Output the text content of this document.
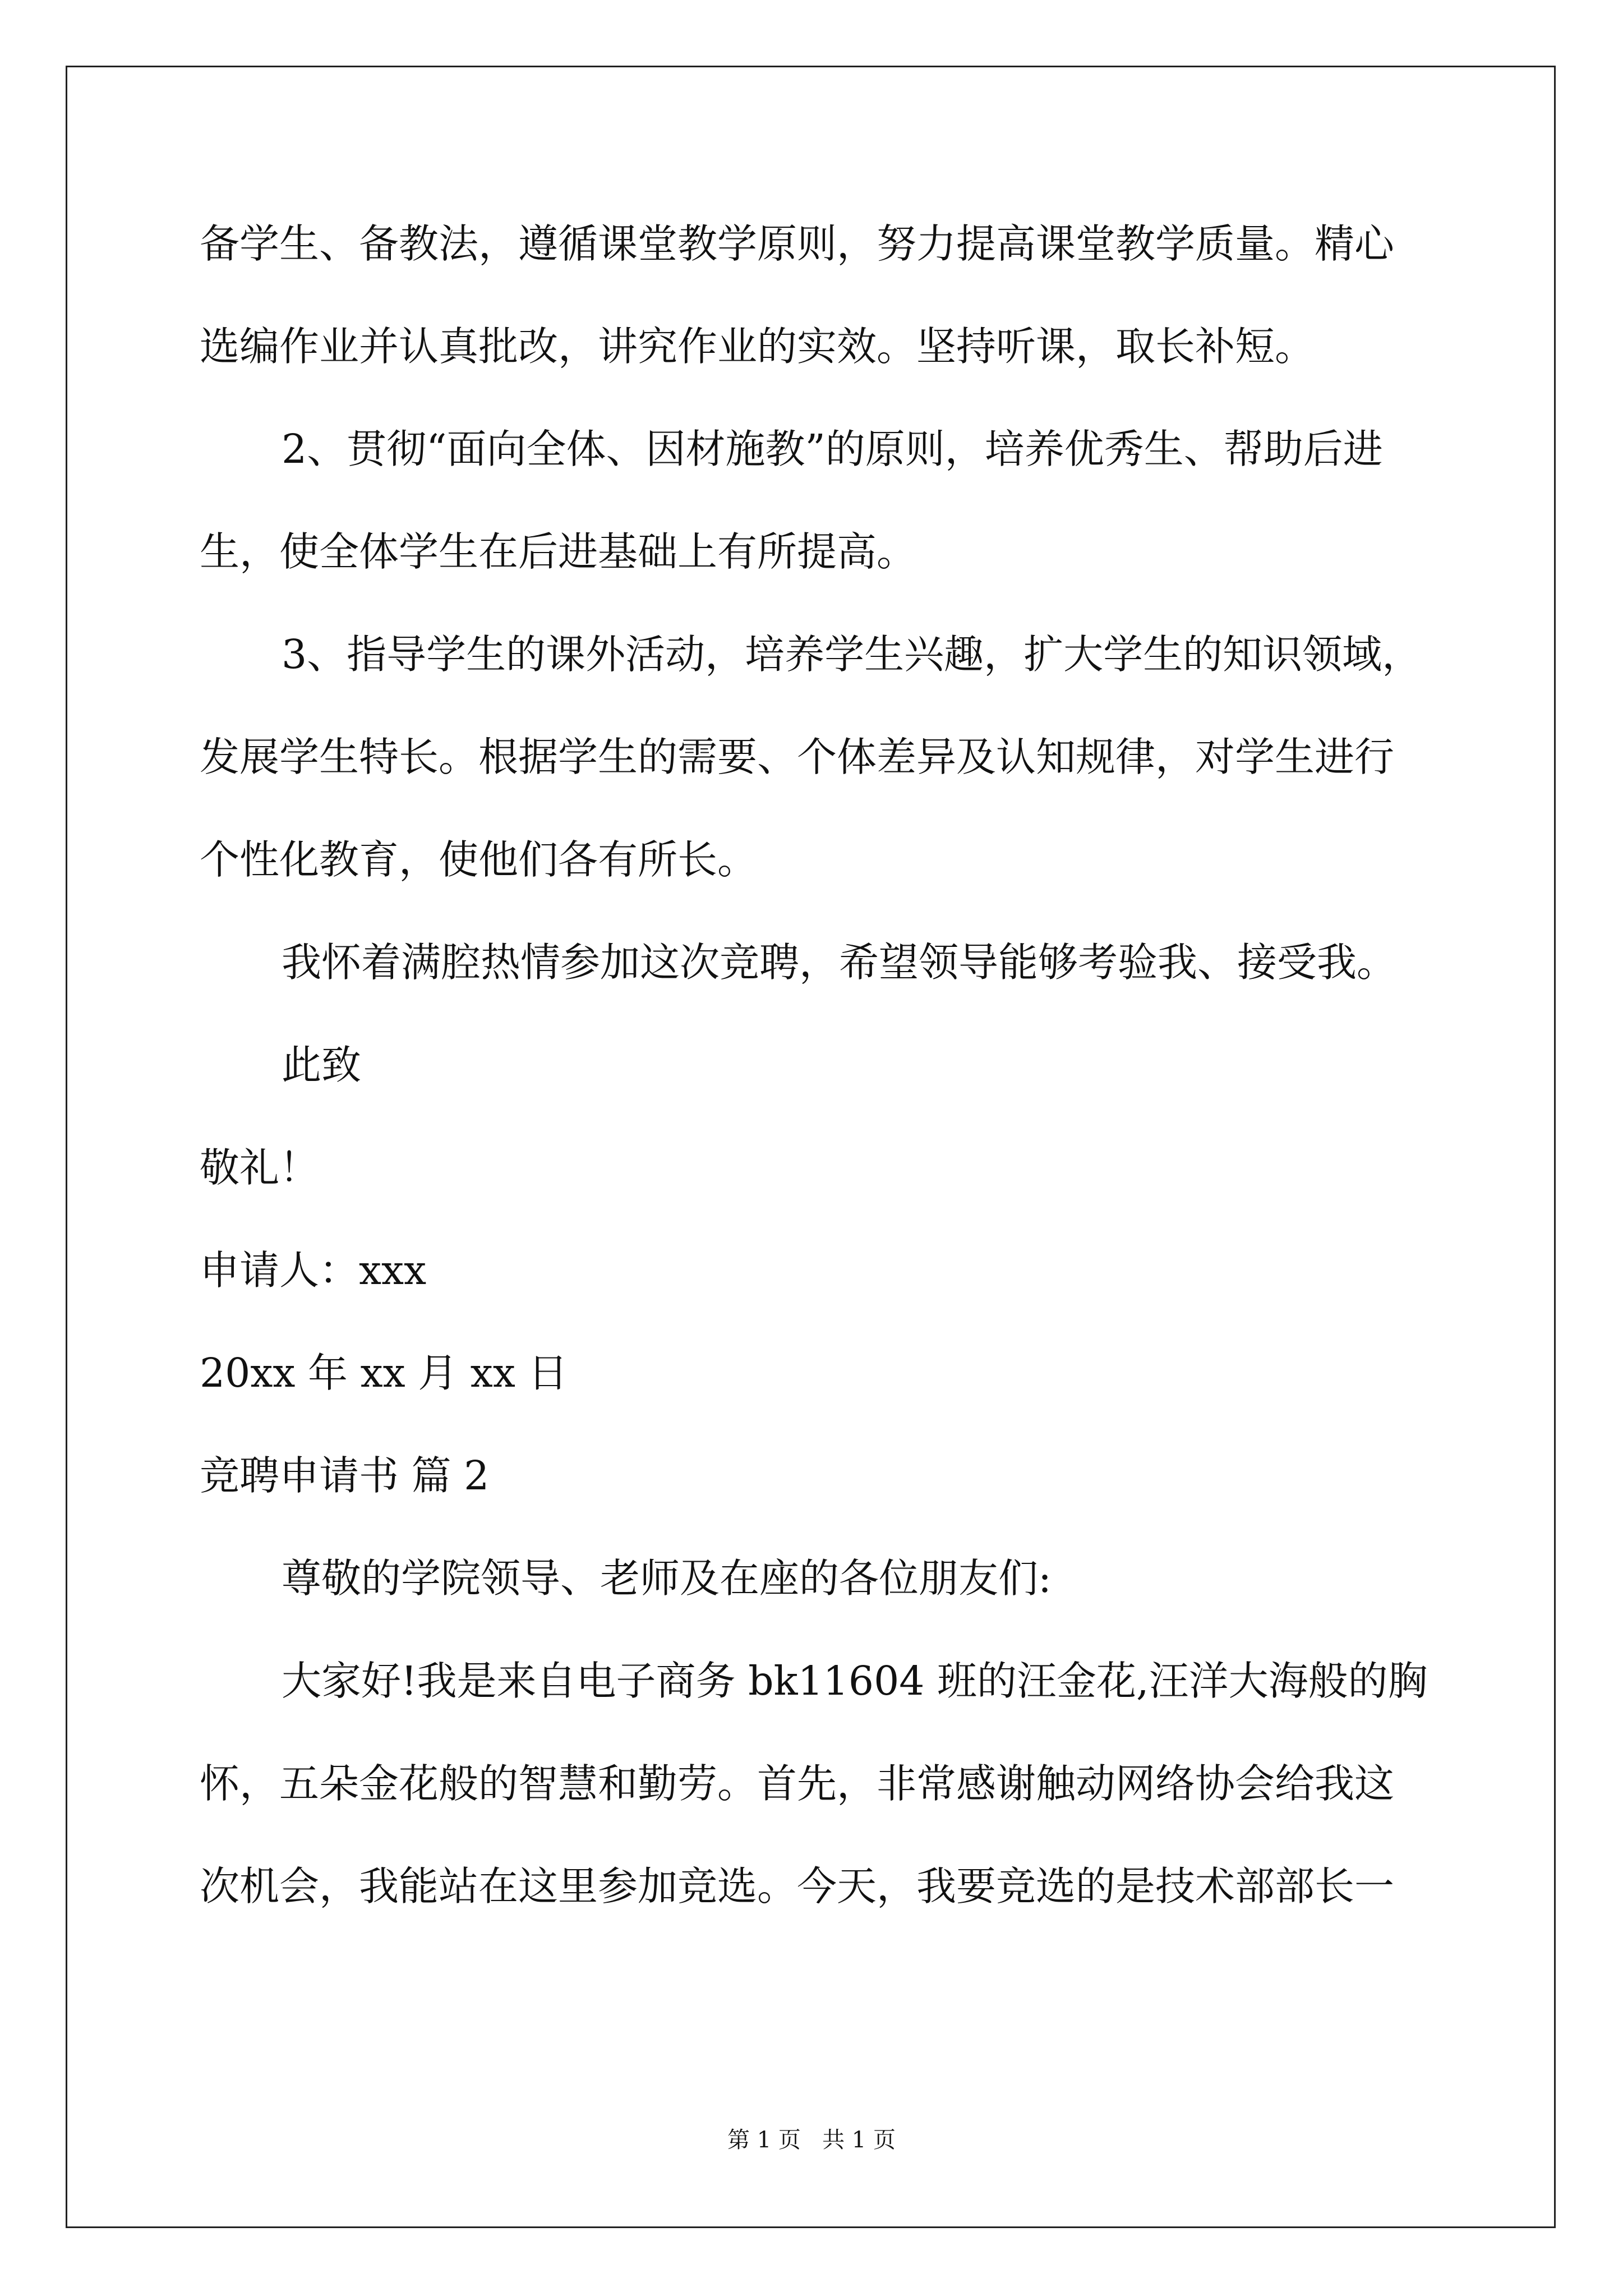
备学生、备教法，遵循课堂教学原则，努力提高课堂教学质量。精心
选编作业并认真批改，讲究作业的实效。坚持听课，取长补短。
2、贯彻“面向全体、因材施教”的原则，培养优秀生、帮助后进
生，使全体学生在后进基础上有所提高。
3、指导学生的课外活动，培养学生兴趣，扩大学生的知识领域，
发展学生特长。根据学生的需要、个体差异及认知规律，对学生进行
个性化教育，使他们各有所长。
我怀着满腔热情参加这次竞聘，希望领导能够考验我、接受我。
此致
敬礼！
申请人：xxx
20xx 年 xx 月 xx 日
竞聘申请书 篇 2
尊敬的学院领导、老师及在座的各位朋友们:
大家好!我是来自电子商务 bk11604 班的汪金花,汪洋大海般的胸
怀，五朵金花般的智慧和勤劳。首先，非常感谢触动网络协会给我这
次机会，我能站在这里参加竞选。今天，我要竞选的是技术部部长一
第 1 页   共 1 页
